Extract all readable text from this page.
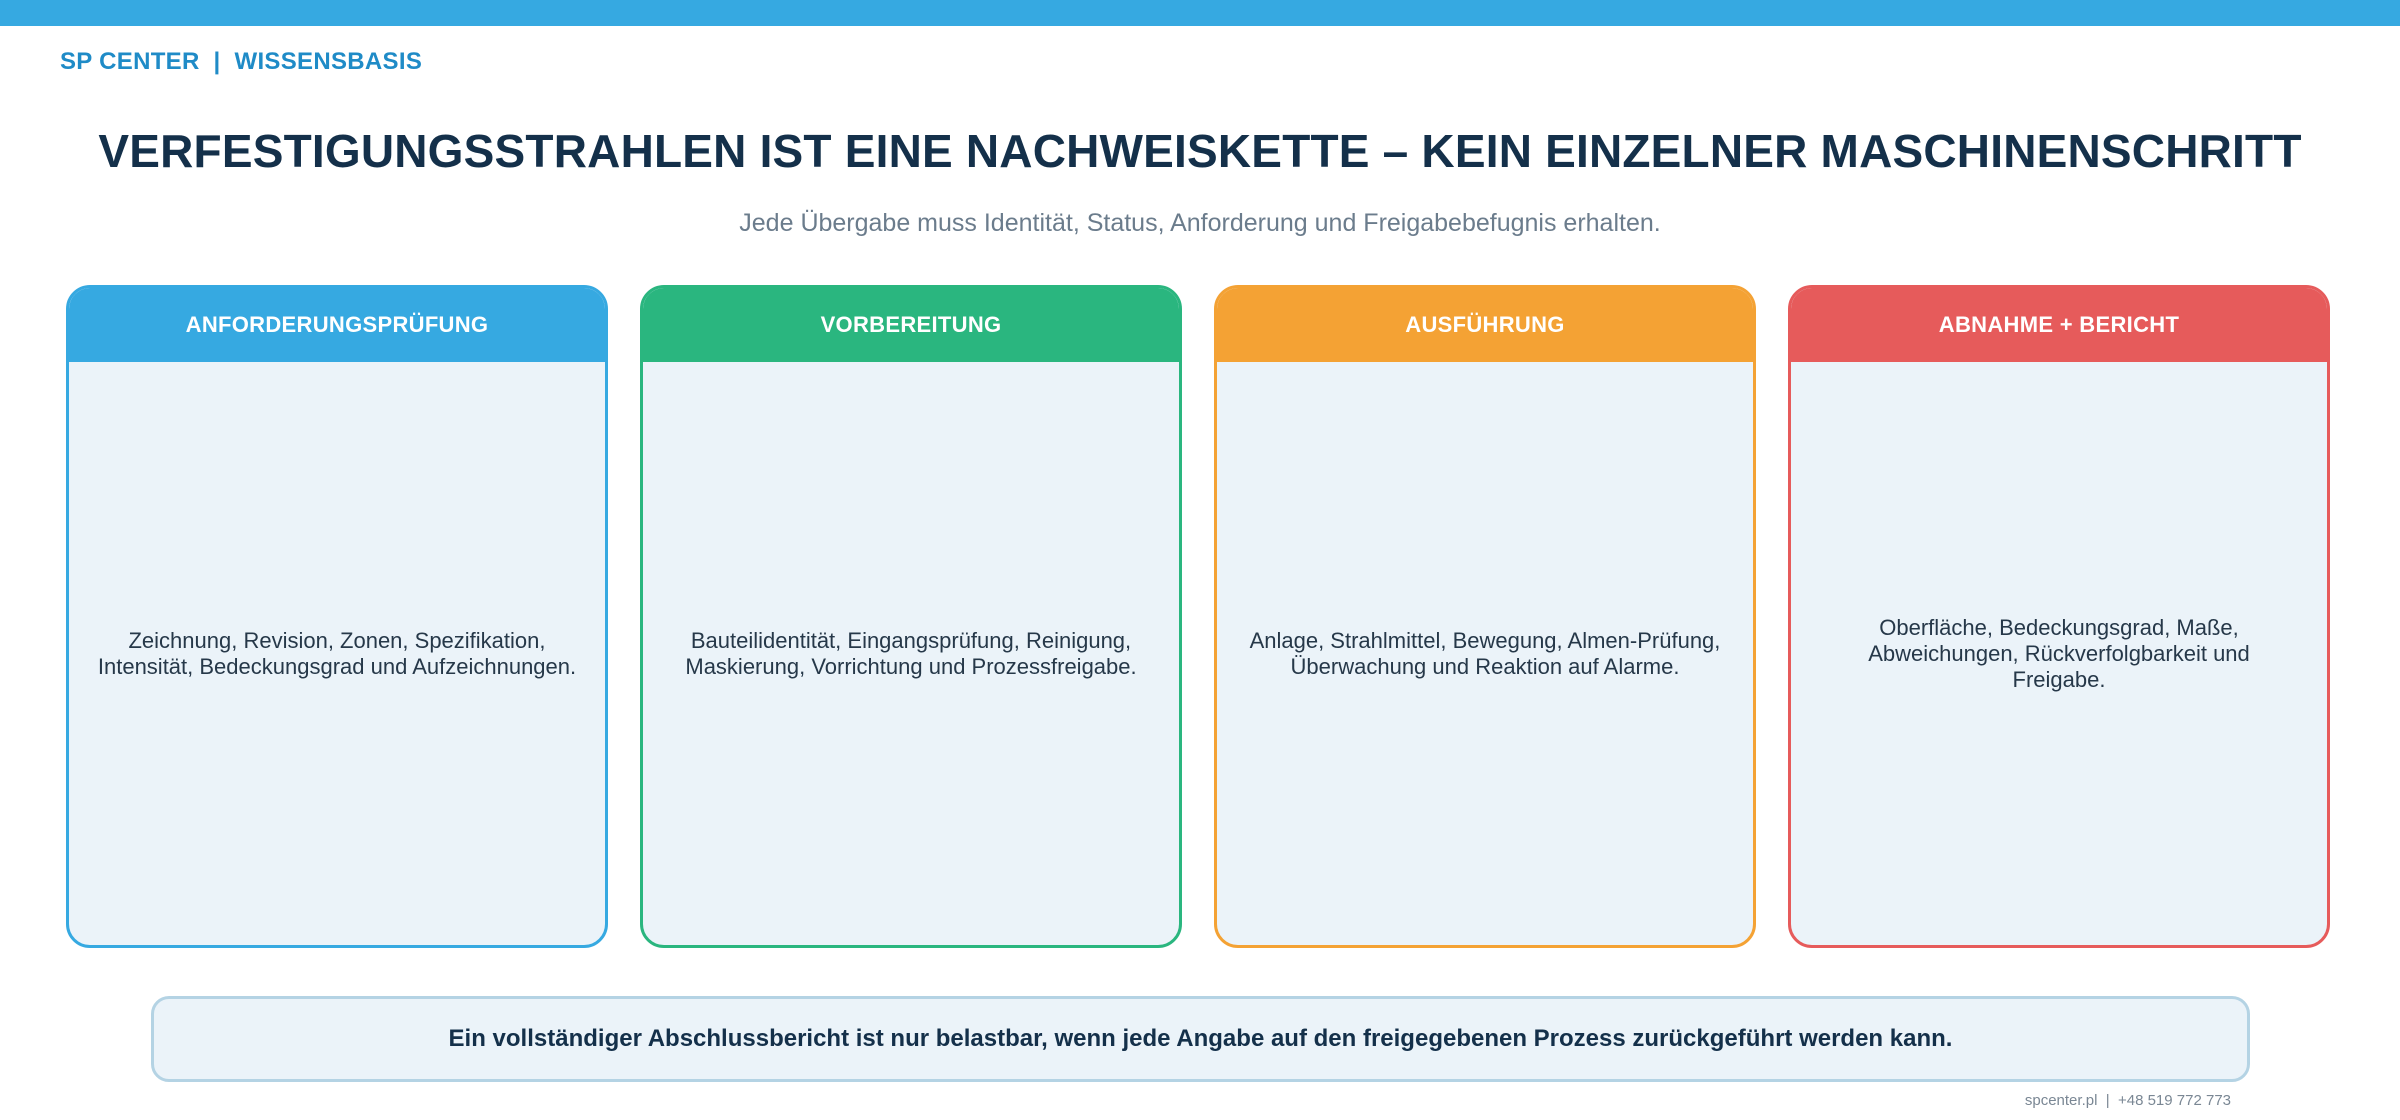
SP CENTER  |  WISSENSBASIS
VERFESTIGUNGSSTRAHLEN IST EINE NACHWEISKETTE – KEIN EINZELNER MASCHINENSCHRITT
Jede Übergabe muss Identität, Status, Anforderung und Freigabebefugnis erhalten.
ANFORDERUNGSPRÜFUNG
Zeichnung, Revision, Zonen, Spezifikation, Intensität, Bedeckungsgrad und Aufzeichnungen.
VORBEREITUNG
Bauteilidentität, Eingangsprüfung, Reinigung, Maskierung, Vorrichtung und Prozessfreigabe.
AUSFÜHRUNG
Anlage, Strahlmittel, Bewegung, Almen-Prüfung, Überwachung und Reaktion auf Alarme.
ABNAHME + BERICHT
Oberfläche, Bedeckungsgrad, Maße, Abweichungen, Rückverfolgbarkeit und Freigabe.
Ein vollständiger Abschlussbericht ist nur belastbar, wenn jede Angabe auf den freigegebenen Prozess zurückgeführt werden kann.
spcenter.pl  |  +48 519 772 773
